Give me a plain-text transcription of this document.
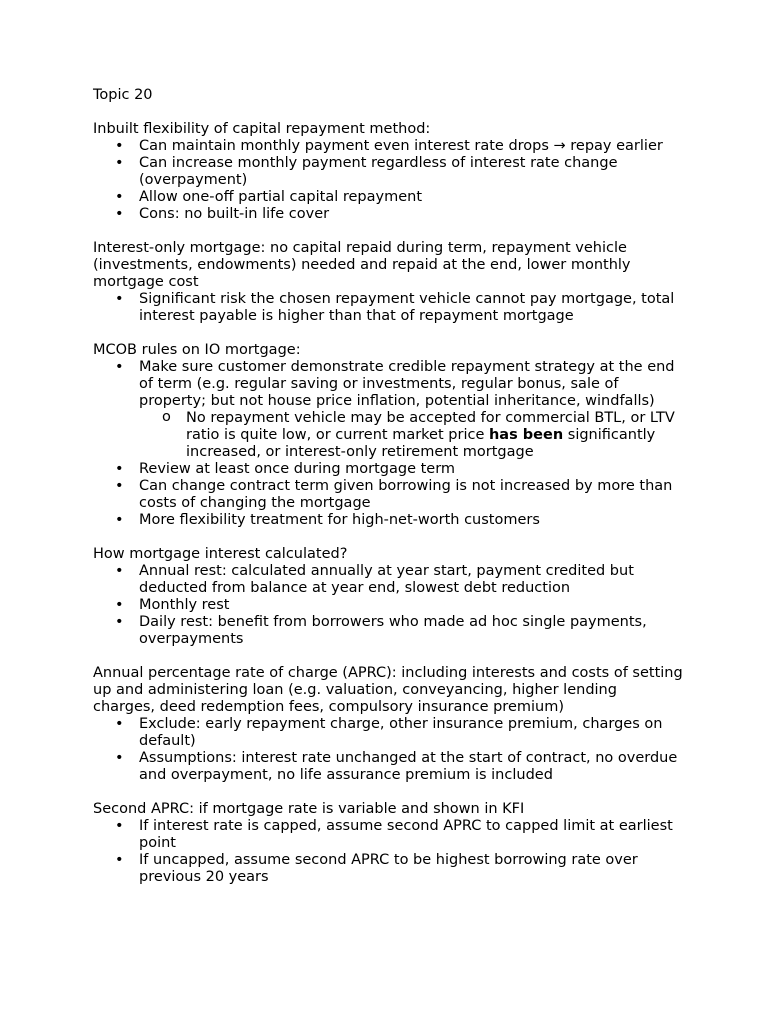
Topic 20

Inbuilt flexibility of capital repayment method:

• Can maintain monthly payment even interest rate drops → repay earlier
• Can increase monthly payment regardless of interest rate change (overpayment)
• Allow one-off partial capital repayment
• Cons: no built-in life cover

Interest-only mortgage: no capital repaid during term, repayment vehicle (investments, endowments) needed and repaid at the end, lower monthly mortgage cost

• Significant risk the chosen repayment vehicle cannot pay mortgage, total interest payable is higher than that of repayment mortgage

MCOB rules on IO mortgage:

• Make sure customer demonstrate credible repayment strategy at the end of term (e.g. regular saving or investments, regular bonus, sale of property; but not house price inflation, potential inheritance, windfalls)
o No repayment vehicle may be accepted for commercial BTL, or LTV ratio is quite low, or current market price has been significantly increased, or interest-only retirement mortgage
• Review at least once during mortgage term
• Can change contract term given borrowing is not increased by more than costs of changing the mortgage
• More flexibility treatment for high-net-worth customers

How mortgage interest calculated?

• Annual rest: calculated annually at year start, payment credited but deducted from balance at year end, slowest debt reduction
• Monthly rest
• Daily rest: benefit from borrowers who made ad hoc single payments, overpayments

Annual percentage rate of charge (APRC): including interests and costs of setting up and administering loan (e.g. valuation, conveyancing, higher lending charges, deed redemption fees, compulsory insurance premium)

• Exclude: early repayment charge, other insurance premium, charges on default)
• Assumptions: interest rate unchanged at the start of contract, no overdue and overpayment, no life assurance premium is included

Second APRC: if mortgage rate is variable and shown in KFI

• If interest rate is capped, assume second APRC to capped limit at earliest point
• If uncapped, assume second APRC to be highest borrowing rate over previous 20 years
